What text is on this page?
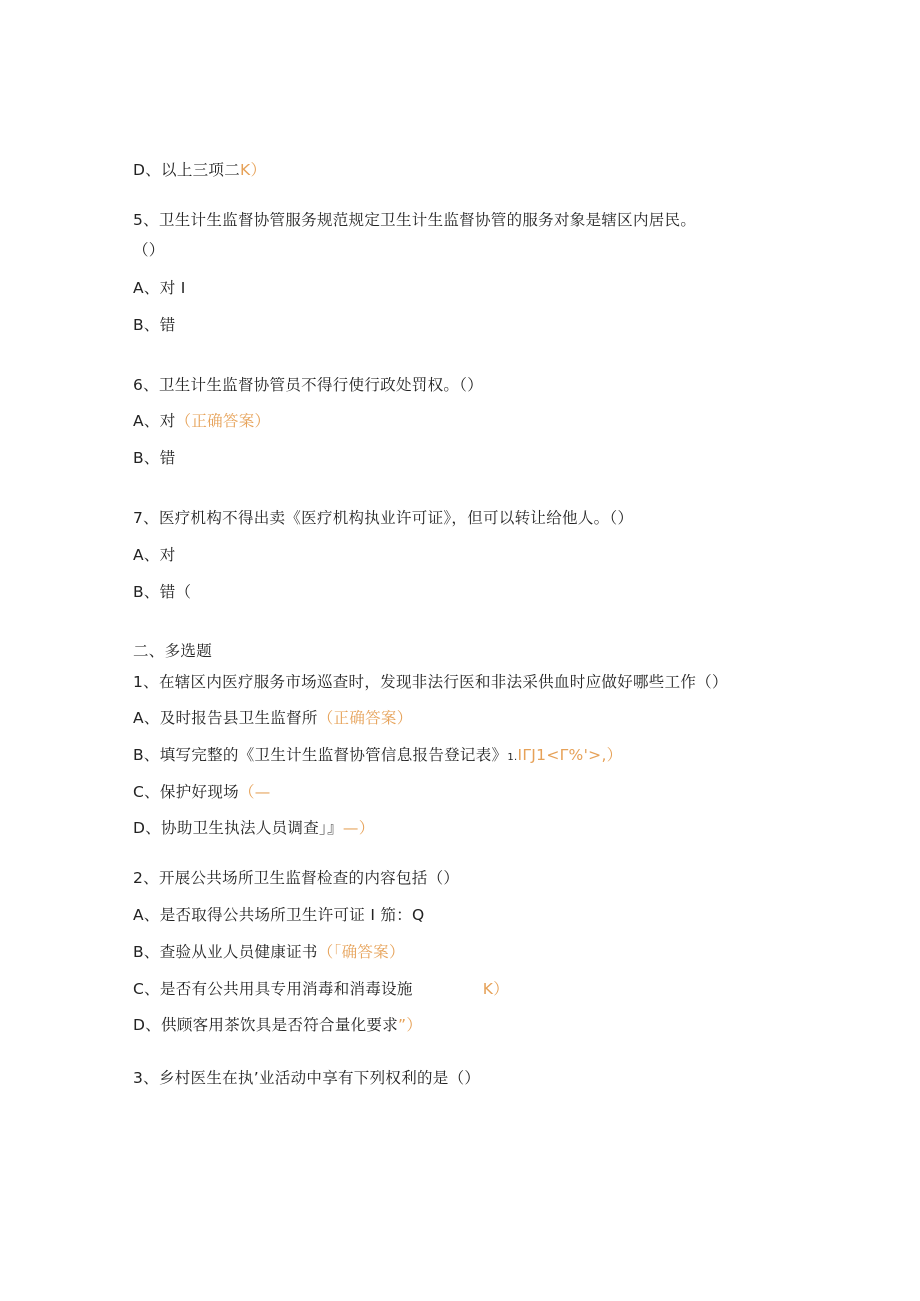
D、以上三项二K）
5、卫生计生监督协管服务规范规定卫生计生监督协管的服务对象是辖区内居民。
（）
A、对 I
B、错
6、卫生计生监督协管员不得行使行政处罚权。（）
A、对（正确答案）
B、错
7、医疗机构不得出卖《医疗机构执业许可证》，但可以转让给他人。（）
A、对
B、错（
二、多选题
1、在辖区内医疗服务市场巡查时，发现非法行医和非法采供血时应做好哪些工作（）
A、及时报告县卫生监督所（正确答案）
B、填写完整的《卫生计生监督协管信息报告登记表》1.IΓJ1<Γ%'>,）
C、保护好现场（—
D、协助卫生执法人员调查」』—）
2、开展公共场所卫生监督检查的内容包括（）
A、是否取得公共场所卫生许可证 I 笳：Q
B、查验从业人员健康证书（「确答案）
C、是否有公共用具专用消毒和消毒设施	K）
D、供顾客用茶饮具是否符合量化要求”）
3、乡村医生在执’业活动中享有下列权利的是（）
